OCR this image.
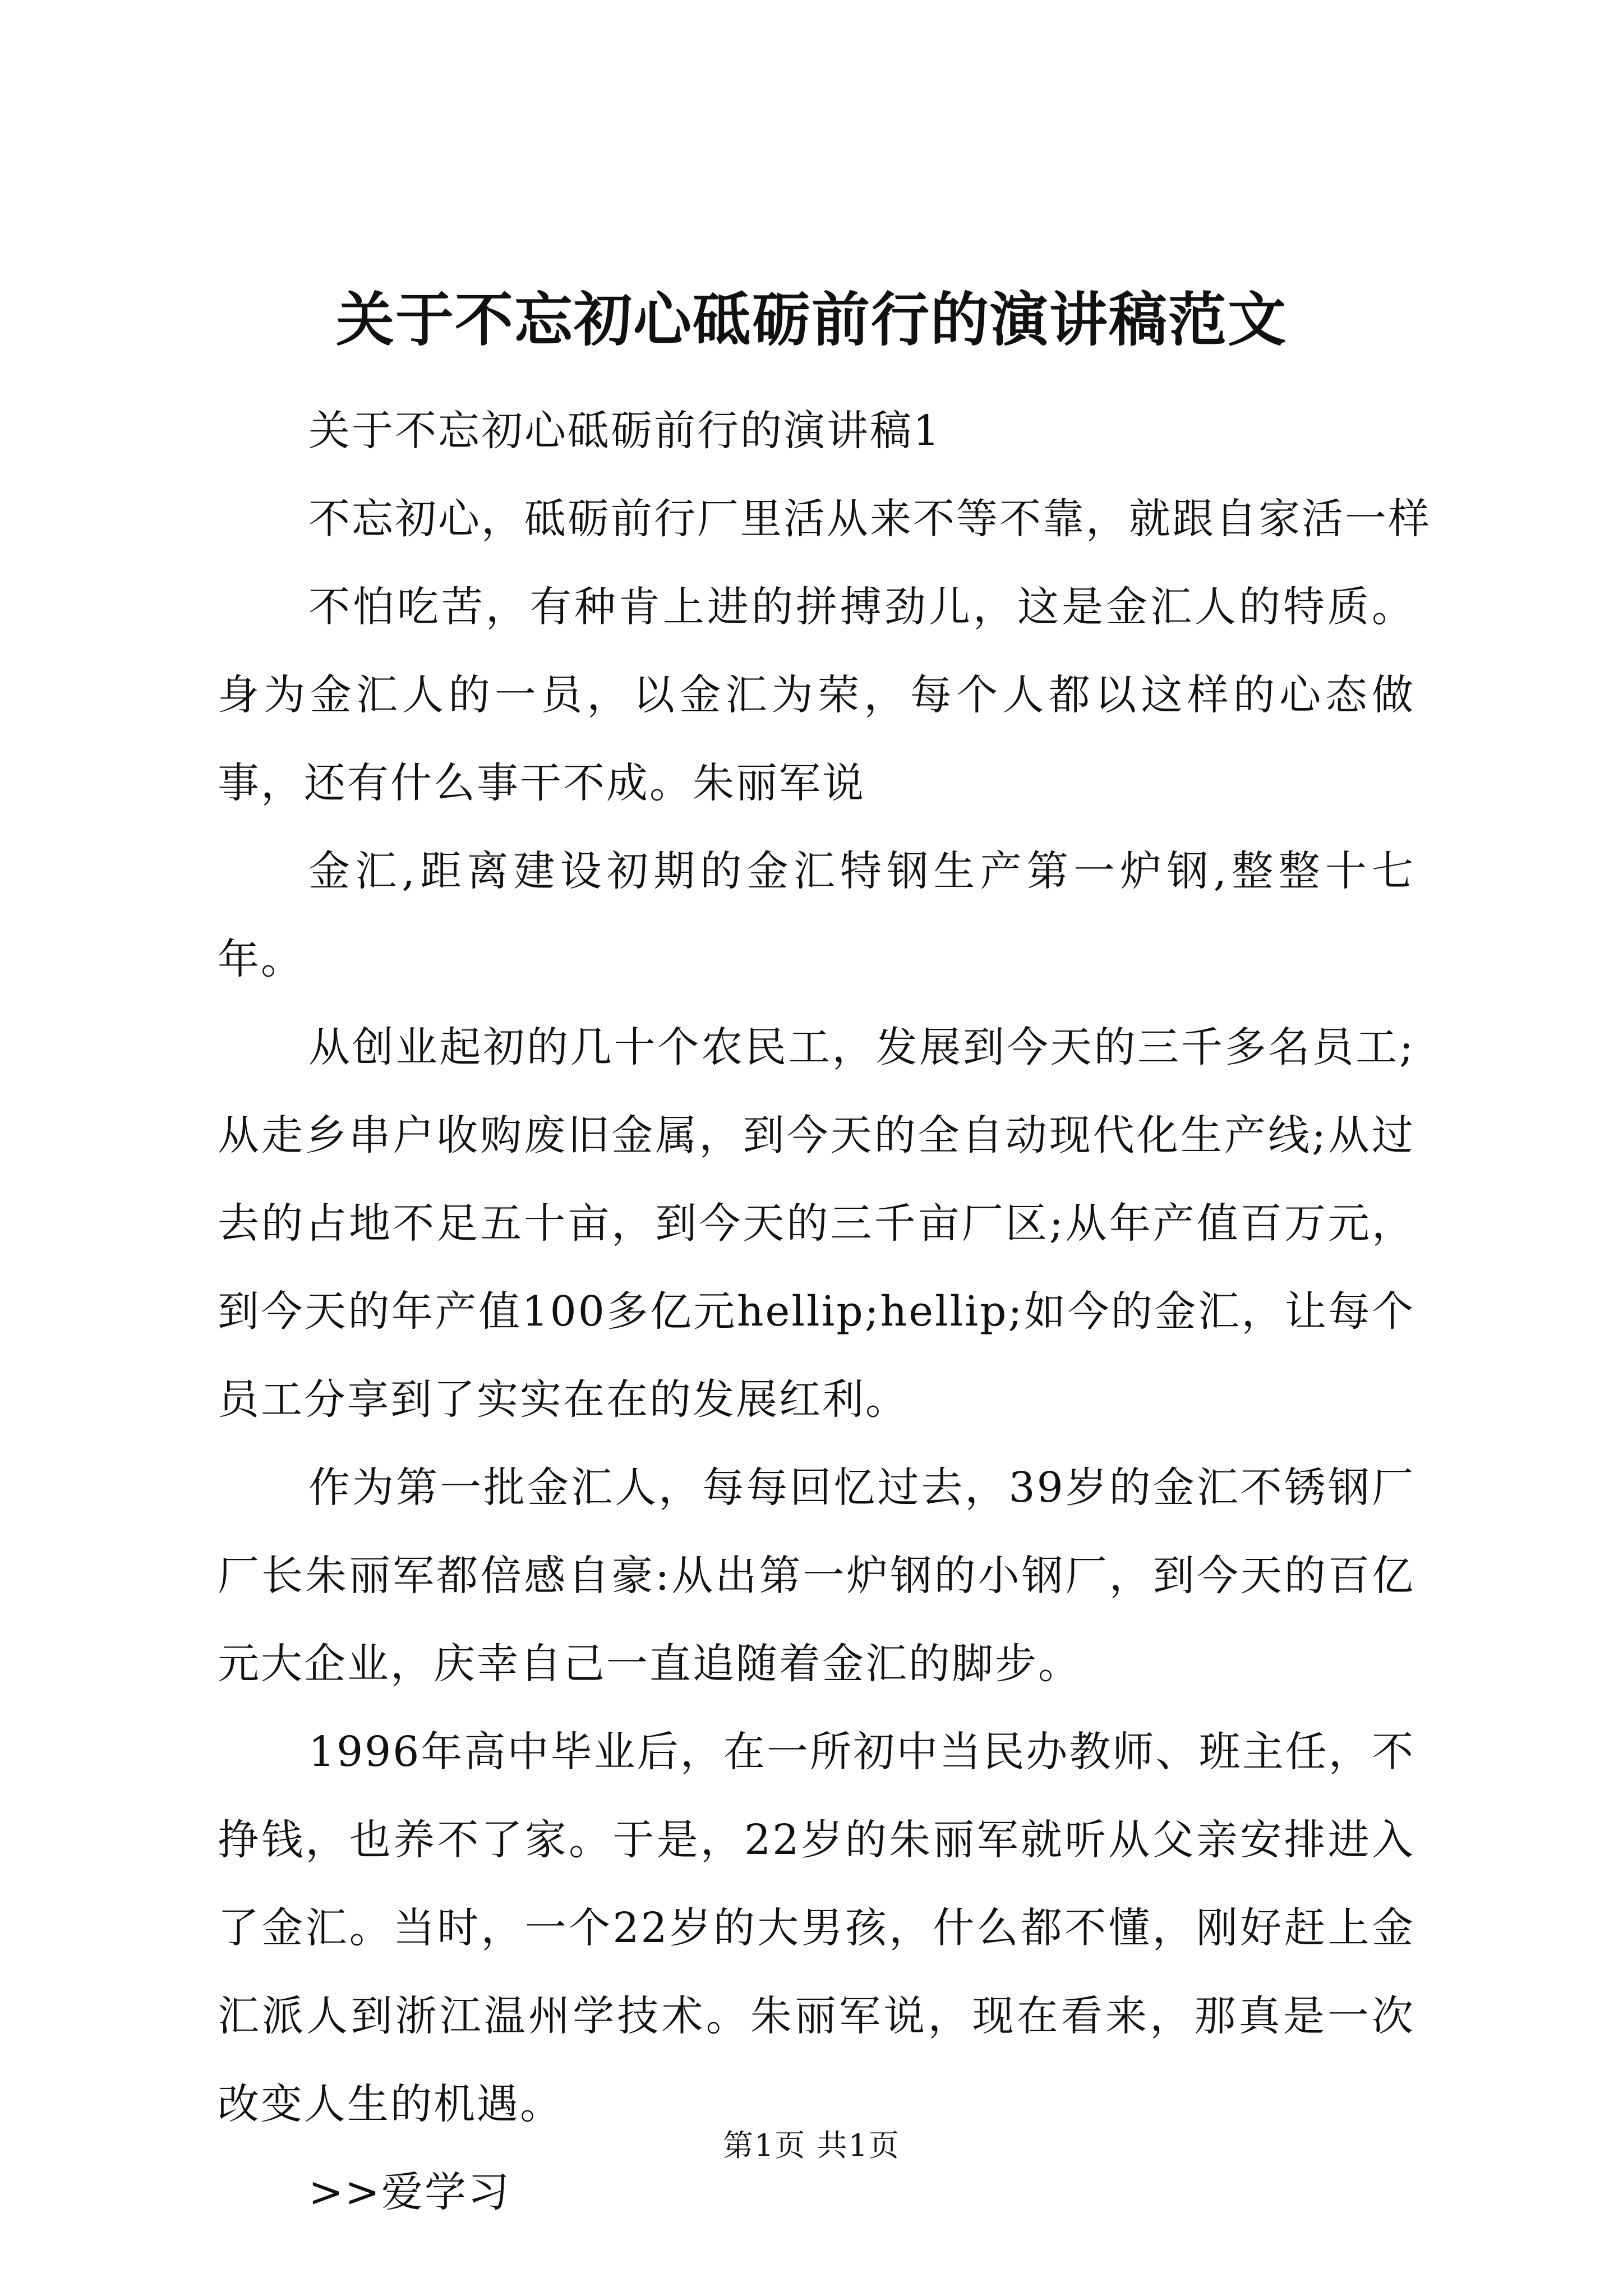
关于不忘初心砥砺前行的演讲稿范文

关于不忘初心砥砺前行的演讲稿1

不忘初心，砥砺前行厂里活从来不等不靠，就跟自家活一样

不怕吃苦，有种肯上进的拼搏劲儿，这是金汇人的特质。身为金汇人的一员，以金汇为荣，每个人都以这样的心态做事，还有什么事干不成。朱丽军说

金汇,距离建设初期的金汇特钢生产第一炉钢,整整十七年。

从创业起初的几十个农民工，发展到今天的三千多名员工;从走乡串户收购废旧金属，到今天的全自动现代化生产线;从过去的占地不足五十亩，到今天的三千亩厂区;从年产值百万元，到今天的年产值100多亿元hellip;hellip;如今的金汇，让每个员工分享到了实实在在的发展红利。

作为第一批金汇人，每每回忆过去，39岁的金汇不锈钢厂厂长朱丽军都倍感自豪:从出第一炉钢的小钢厂，到今天的百亿元大企业，庆幸自己一直追随着金汇的脚步。

1996年高中毕业后，在一所初中当民办教师、班主任，不挣钱，也养不了家。于是，22岁的朱丽军就听从父亲安排进入了金汇。当时，一个22岁的大男孩，什么都不懂，刚好赶上金汇派人到浙江温州学技术。朱丽军说，现在看来，那真是一次改变人生的机遇。

>>爱学习

第1页 共1页
